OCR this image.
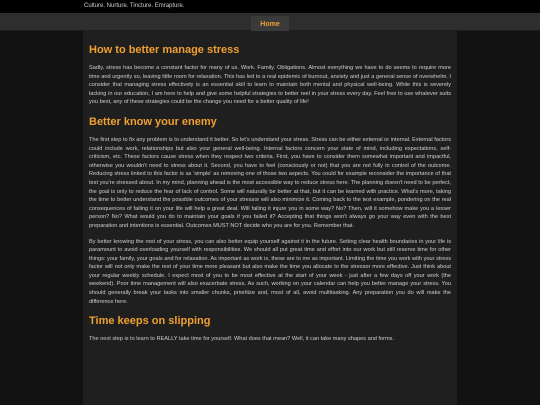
Culture. Nurture. Tincture. Emrapture.
Home
How to better manage stress

Sadly, stress has become a constant factor for many of us. Work. Family. Obligations. Almost everything we have to do seems to require more time and urgently so, leaving little room for relaxation. This has led to a real epidemic of burnout, anxiety and just a general sense of overwhelm. I consider that managing stress effectively is an essential skill to learn to maintain both mental and physical well-being. While this is severely lacking in our education, I am here to help and give some helpful strategies to better reel in your stress every day. Feel free to use whatever suits you best, any of these strategies could be the change you need for a better quality of life!

Better know your enemy

The first step to fix any problem is to understand it better. So let's understand your stress. Stress can be either external or internal. External factors could include work, relationships but also your general well-being. Internal factors concern your state of mind, including expectations, self-criticism, etc. These factors cause stress when they respect two criteria. First, you have to consider them somewhat important and impactful, otherwise you wouldn't need to stress about it. Second, you have to feel (consciously or not) that you are not fully in control of the outcome. Reducing stress linked to this factor is as 'simple' as removing one of those two aspects. You could for example reconsider the importance of that test you're stressed about. In my mind, planning ahead is the most accessible way to reduce stress here. The planning doesn't need to be perfect, the goal is only to reduce the fear of lack of control. Some will naturally be better at that, but it can be learned with practice. What's more, taking the time to better understand the possible outcomes of your stressor will also minimize it. Coming back to the test example, pondering on the real consequences of failing it on your life will help a great deal. Will failing it injure you in some way? No? Then, will it somehow make you a lesser person? No? What would you do to maintain your goals if you failed it? Accepting that things won't always go your way even with the best preparation and intentions is essential. Outcomes MUST NOT decide who you are for you. Remember that.

By better knowing the root of your stress, you can also better equip yourself against it in the future. Setting clear health boundaries in your life is paramount to avoid overloading yourself with responsibilities. We should all put great time and effort into our work but still reserve time for other things: your family, your goals and for relaxation. As important as work is, these are to me as important. Limiting the time you work with your stress factor will not only make the rest of your time more pleasant but also make the time you allocate to the stressor more effective. Just think about your regular weekly schedule. I expect most of you to be most effective at the start of your week - just after a few days off your work (the weekend). Poor time management will also exacerbate stress. As such, working on your calendar can help you better manage your stress. You should generally break your tasks into smaller chunks, prioritize and, most of all, avoid multitasking. Any preparation you do will make the difference here.

Time keeps on slipping

The next step is to learn to REALLY take time for yourself. What does that mean? Well, it can take many shapes and forms.
